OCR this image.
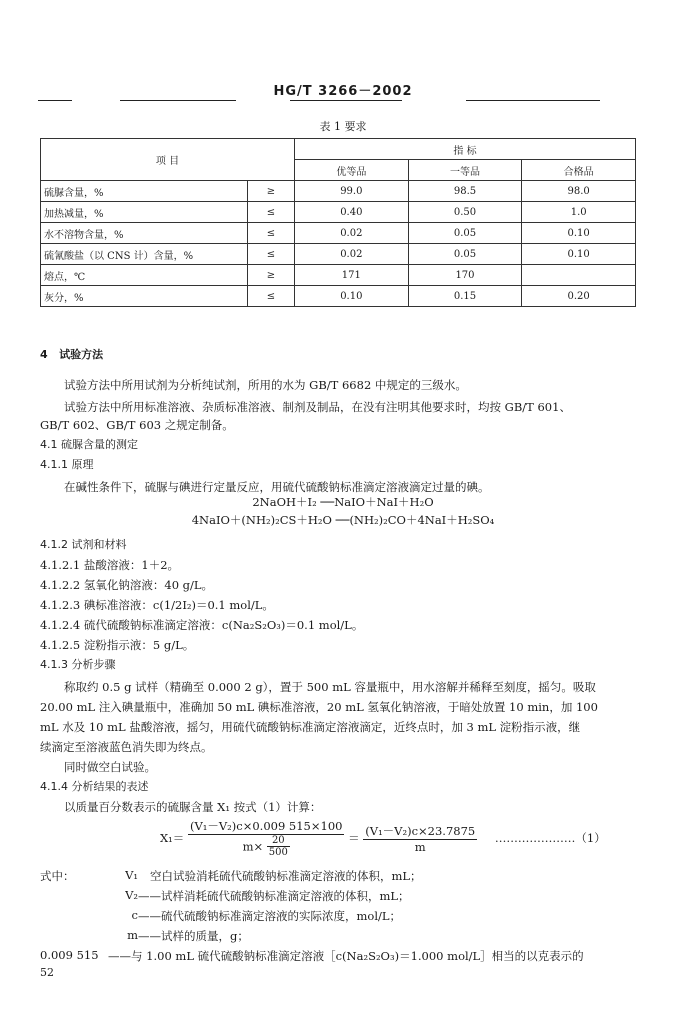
HG/T 3266－2002
表 1 要求
项 目		指 标		
		优等品	一等品	合格品
硫脲含量，%	≥	99.0	98.5	98.0
加热减量，%	≤	0.40	0.50	1.0
水不溶物含量，%	≤	0.02	0.05	0.10
硫氰酸盐（以 CNS 计）含量，%	≤	0.02	0.05	0.10
熔点，℃	≥	171	170	
灰分，%	≤	0.10	0.15	0.20
4 试验方法
试验方法中所用试剂为分析纯试剂，所用的水为 GB/T 6682 中规定的三级水。
试验方法中所用标准溶液、杂质标准溶液、制剂及制品，在没有注明其他要求时，均按 GB/T 601、
GB/T 602、GB/T 603 之规定制备。
4.1 硫脲含量的测定
4.1.1 原理
在碱性条件下，硫脲与碘进行定量反应，用硫代硫酸钠标准滴定溶液滴定过量的碘。
2NaOH＋I₂ ──NaIO＋NaI＋H₂O
4NaIO＋(NH₂)₂CS＋H₂O ──(NH₂)₂CO＋4NaI＋H₂SO₄
4.1.2 试剂和材料
4.1.2.1 盐酸溶液：1＋2。
4.1.2.2 氢氧化钠溶液：40 g/L。
4.1.2.3 碘标准溶液：c(1/2I₂)＝0.1 mol/L。
4.1.2.4 硫代硫酸钠标准滴定溶液：c(Na₂S₂O₃)＝0.1 mol/L。
4.1.2.5 淀粉指示液：5 g/L。
4.1.3 分析步骤
称取约 0.5 g 试样（精确至 0.000 2 g），置于 500 mL 容量瓶中，用水溶解并稀释至刻度，摇匀。吸取
20.00 mL 注入碘量瓶中，准确加 50 mL 碘标准溶液，20 mL 氢氧化钠溶液，于暗处放置 10 min，加 100
mL 水及 10 mL 盐酸溶液，摇匀，用硫代硫酸钠标准滴定溶液滴定，近终点时，加 3 mL 淀粉指示液，继
续滴定至溶液蓝色消失即为终点。
同时做空白试验。
4.1.4 分析结果的表述
以质量百分数表示的硫脲含量 X₁ 按式（1）计算：
$X_1= \frac{\text{(V₁－V₂)c×0.009 515×100}}{m\times \frac{20}{500}} = \frac{\text{(V₁－V₂)c×23.7875}}{m}$ …………………（1）
式中：	V₁ 空白试验消耗硫代硫酸钠标准滴定溶液的体积，mL；
V₂ ——试样消耗硫代硫酸钠标准滴定溶液的体积，mL；
c ——硫代硫酸钠标准滴定溶液的实际浓度，mol/L；
m ——试样的质量，g；
0.009 515 ——与 1.00 mL 硫代硫酸钠标准滴定溶液［c(Na₂S₂O₃)＝1.000 mol/L］相当的以克表示的
52
